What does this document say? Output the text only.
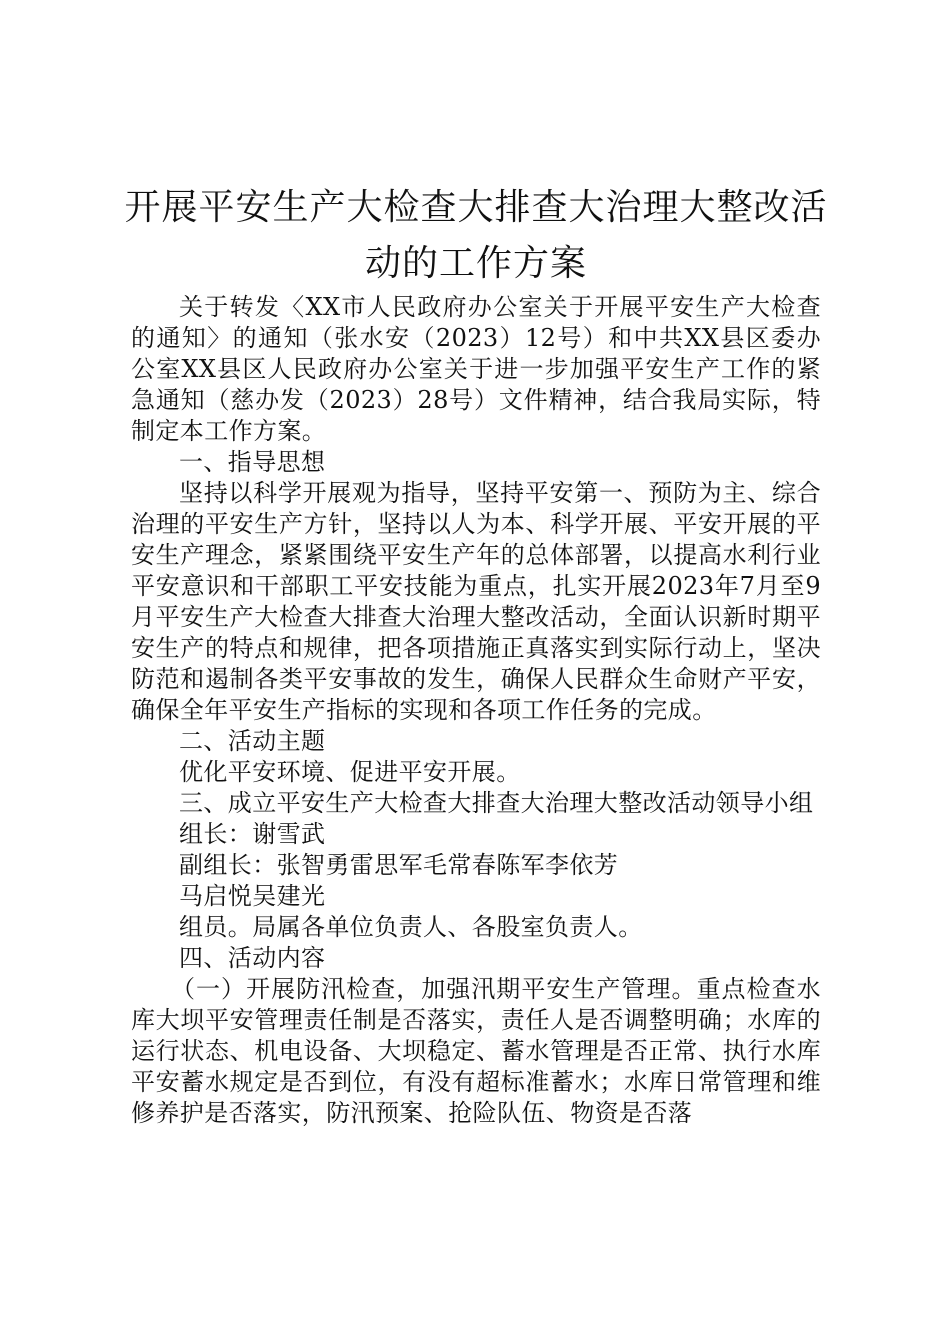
开展平安生产大检查大排查大治理大整改活动的工作方案

关于转发〈XX市人民政府办公室关于开展平安生产大检查的通知〉的通知（张水安（2023）12号）和中共XX县区委办公室XX县区人民政府办公室关于进一步加强平安生产工作的紧急通知（慈办发（2023）28号）文件精神，结合我局实际，特制定本工作方案。

一、指导思想

坚持以科学开展观为指导，坚持平安第一、预防为主、综合治理的平安生产方针，坚持以人为本、科学开展、平安开展的平安生产理念，紧紧围绕平安生产年的总体部署，以提高水利行业平安意识和干部职工平安技能为重点，扎实开展2023年7月至9月平安生产大检查大排查大治理大整改活动，全面认识新时期平安生产的特点和规律，把各项措施正真落实到实际行动上，坚决防范和遏制各类平安事故的发生，确保人民群众生命财产平安，确保全年平安生产指标的实现和各项工作任务的完成。

二、活动主题

优化平安环境、促进平安开展。

三、成立平安生产大检查大排查大治理大整改活动领导小组

组长：谢雪武

副组长：张智勇雷思军毛常春陈军李依芳

马启悦吴建光

组员。局属各单位负责人、各股室负责人。

四、活动内容

（一）开展防汛检查，加强汛期平安生产管理。重点检查水库大坝平安管理责任制是否落实，责任人是否调整明确；水库的运行状态、机电设备、大坝稳定、蓄水管理是否正常、执行水库平安蓄水规定是否到位，有没有超标准蓄水；水库日常管理和维修养护是否落实，防汛预案、抢险队伍、物资是否落
